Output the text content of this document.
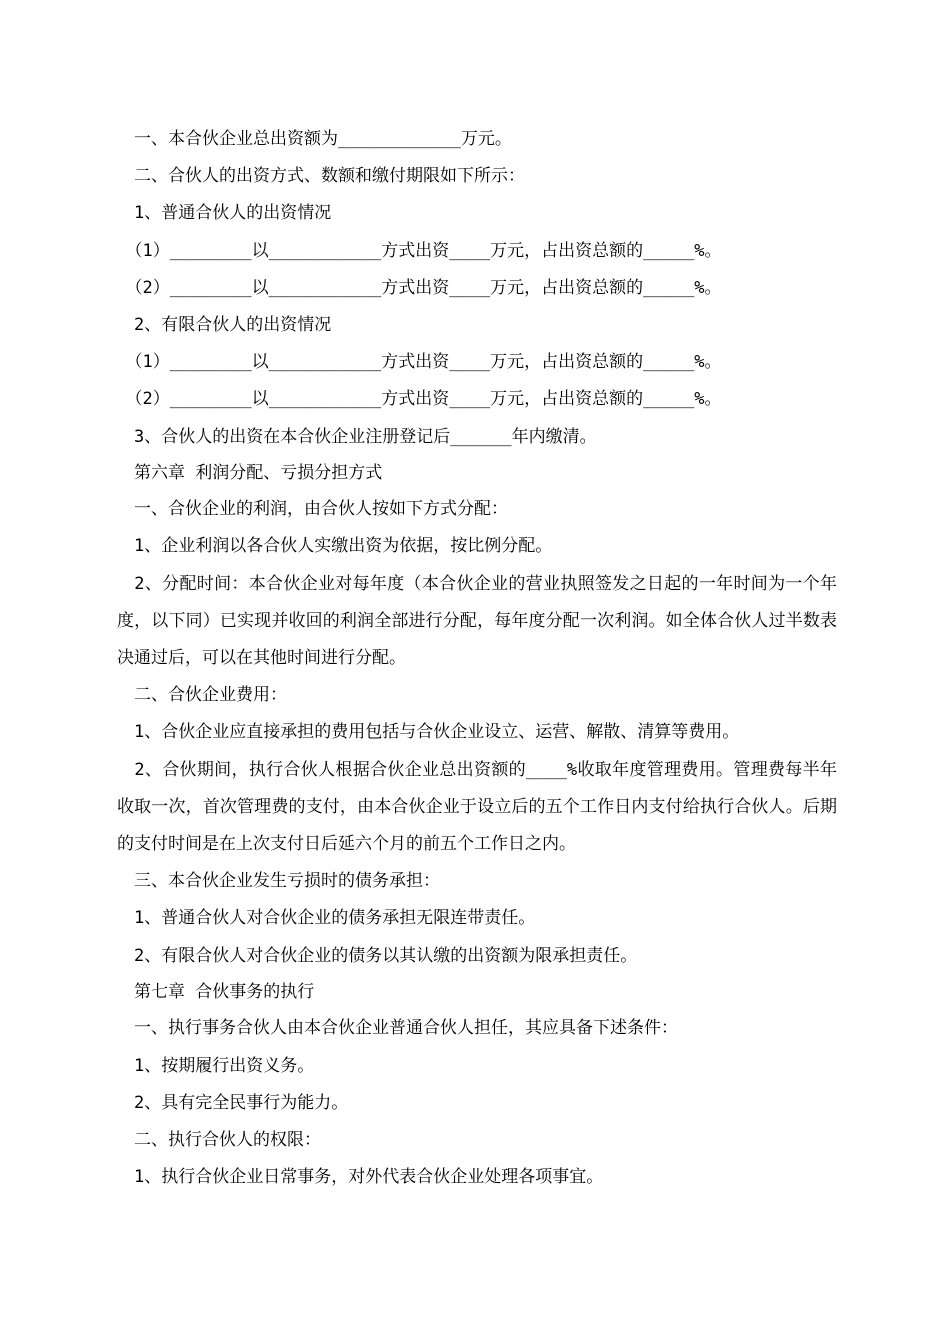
　一、本合伙企业总出资额为____________万元。
　二、合伙人的出资方式、数额和缴付期限如下所示：
　1、普通合伙人的出资情况
　（1）________以___________方式出资____万元，占出资总额的_____%。
　（2）________以___________方式出资____万元，占出资总额的_____%。
　2、有限合伙人的出资情况
　（1）________以___________方式出资____万元，占出资总额的_____%。
　（2）________以___________方式出资____万元，占出资总额的_____%。
　3、合伙人的出资在本合伙企业注册登记后______年内缴清。
　第六章 利润分配、亏损分担方式
　一、合伙企业的利润，由合伙人按如下方式分配：
　1、企业利润以各合伙人实缴出资为依据，按比例分配。
　2、分配时间：本合伙企业对每年度（本合伙企业的营业执照签发之日起的一年时间为一个年度，以下同）已实现并收回的利润全部进行分配，每年度分配一次利润。如全体合伙人过半数表决通过后，可以在其他时间进行分配。
　二、合伙企业费用：
　1、合伙企业应直接承担的费用包括与合伙企业设立、运营、解散、清算等费用。
　2、合伙期间，执行合伙人根据合伙企业总出资额的____%收取年度管理费用。管理费每半年收取一次，首次管理费的支付，由本合伙企业于设立后的五个工作日内支付给执行合伙人。后期的支付时间是在上次支付日后延六个月的前五个工作日之内。
　三、本合伙企业发生亏损时的债务承担：
　1、普通合伙人对合伙企业的债务承担无限连带责任。
　2、有限合伙人对合伙企业的债务以其认缴的出资额为限承担责任。
　第七章 合伙事务的执行
　一、执行事务合伙人由本合伙企业普通合伙人担任，其应具备下述条件：
　1、按期履行出资义务。
　2、具有完全民事行为能力。
　二、执行合伙人的权限：
　1、执行合伙企业日常事务，对外代表合伙企业处理各项事宜。
